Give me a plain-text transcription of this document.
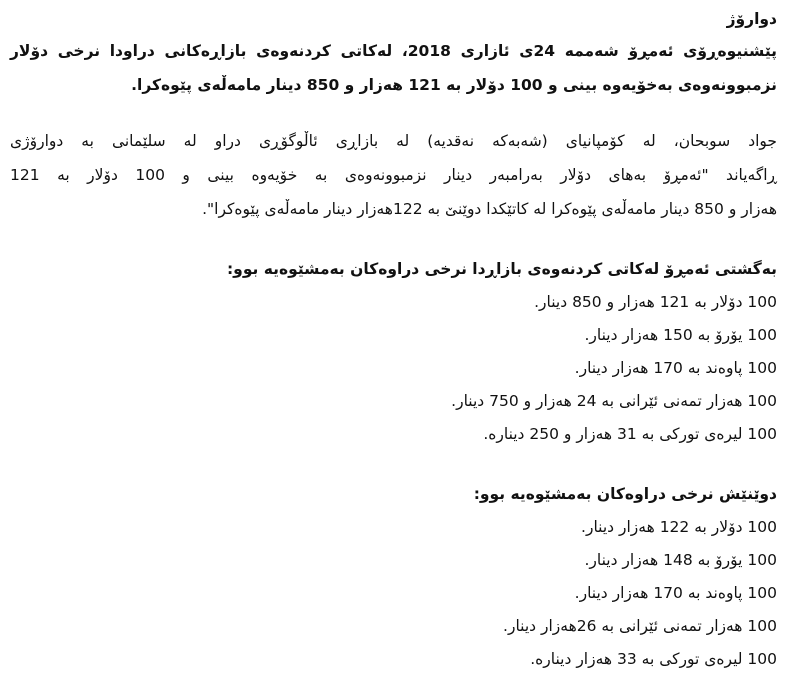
دوارۆژ
پێشنیوەڕۆی ئەمڕۆ شەممە 24ی ئازاری 2018، لەکاتی کردنەوەی بازاڕەکانی دراودا نرخی دۆلار
نزمبوونەوەی بەخۆیەوە بینی و 100 دۆلار بە 121 هەزار و 850 دینار مامەڵەی پێوەکرا.
جواد سوبحان، لە کۆمپانیای (شەبەکە نەقدیە) لە بازاڕی ئاڵوگۆڕی دراو لە سلێمانی بە دوارۆژی
ڕاگەیاند "ئەمڕۆ بەهای دۆلار بەرامبەر دینار نزمبوونەوەی بە خۆیەوە بینی و 100 دۆلار بە 121
هەزار و 850 دینار مامەڵەی پێوەکرا لە کاتێکدا دوێنێ بە 122هەزار دینار مامەڵەی پێوەکرا".
بەگشتی ئەمڕۆ لەکاتی کردنەوەی بازاڕدا نرخی دراوەکان بەمشێوەیە بوو:
100 دۆلار بە 121 هەزار و 850 دینار.
100 یۆرۆ بە 150 هەزار دینار.
100 پاوەند بە 170 هەزار دینار.
100 هەزار تمەنی ئێرانی بە 24 هەزار و 750 دینار.
100 لیرەی تورکی بە 31 هەزار و 250 دینارە.
دوێنێش نرخی دراوەکان بەمشێوەیە بوو:
100 دۆلار بە 122 هەزار دینار.
100 یۆرۆ بە 148 هەزار دینار.
100 پاوەند بە 170 هەزار دینار.
100 هەزار تمەنی ئێرانی بە 26هەزار دینار.
100 لیرەی تورکی بە 33 هەزار دینارە.
